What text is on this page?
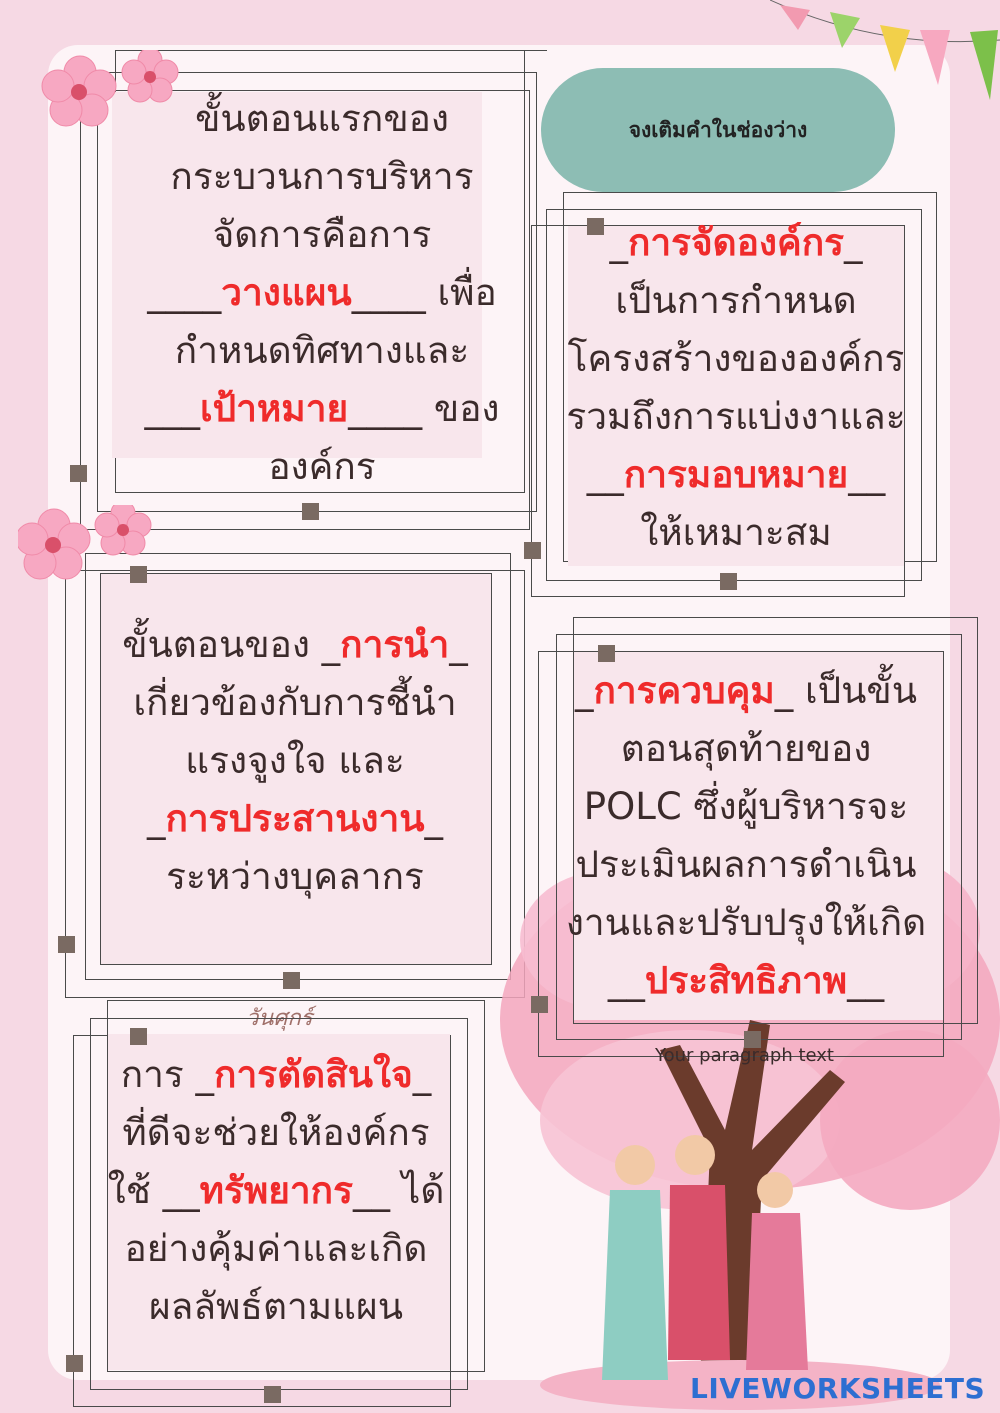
ขั้นตอนแรกของ
กระบวนการบริหาร
จัดการคือการ
____วางแผน____ เพื่อ
กำหนดทิศทางและ
___เป้าหมาย____ ของ
องค์กร
จงเติมคำในช่องว่าง
_การจัดองค์กร_
เป็นการกำหนด
โครงสร้างขององค์กร
รวมถึงการแบ่งงาและ
__การมอบหมาย__
ให้เหมาะสม
ขั้นตอนของ _การนำ_
เกี่ยวข้องกับการชี้นำ
แรงจูงใจ และ
_การประสานงาน_
ระหว่างบุคลากร
_การควบคุม_ เป็นขั้น
ตอนสุดท้ายของ
POLC ซึ่งผู้บริหารจะ
ประเมินผลการดำเนิน
งานและปรับปรุงให้เกิด
__ประสิทธิภาพ__
Your paragraph text
วันศุกร์
การ _การตัดสินใจ_
ที่ดีจะช่วยให้องค์กร
ใช้ __ทรัพยากร__ ได้
อย่างคุ้มค่าและเกิด
ผลลัพธ์ตามแผน
LIVEWORKSHEETS
